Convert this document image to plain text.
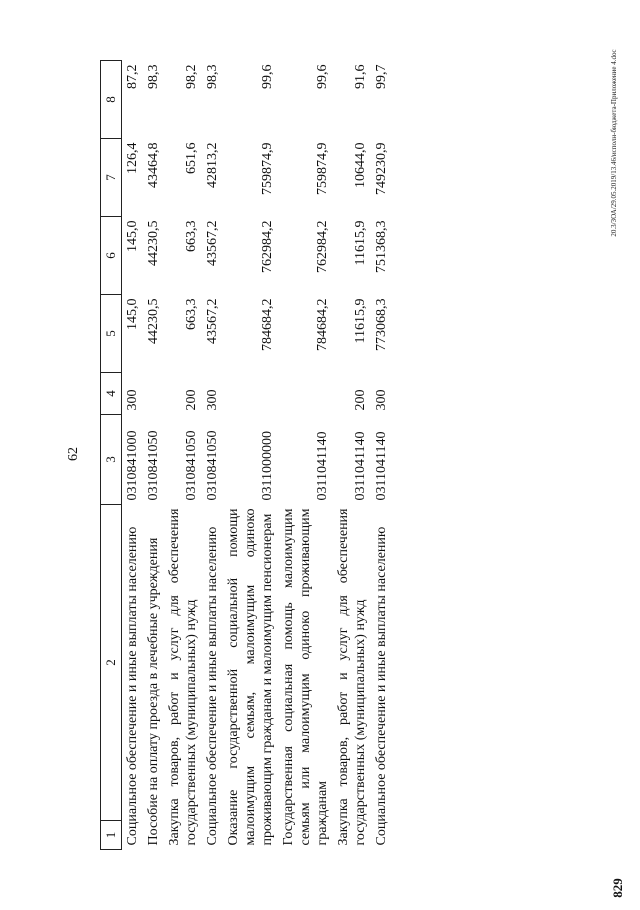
62
829
20.3/ЗОА/29.05.2019/13.46/исполн-бюджета-Приложение 4.doc
1	2	3	4	5	6	7	8
Социальное обеспечение и иные выплаты населению		0310841000	300	145,0	145,0	126,4	87,2
Пособие на оплату проезда в лечебные учреждения		0310841050		44230,5	44230,5	43464,8	98,3
Закупка товаров, работ и услуг для обеспечения государственных (муниципальных) нужд		0310841050	200	663,3	663,3	651,6	98,2
Социальное обеспечение и иные выплаты населению		0310841050	300	43567,2	43567,2	42813,2	98,3
Оказание государственной социальной помощи малоимущим семьям, малоимущим одиноко проживающим гражданам и малоимущим пенсионерам		0311000000		784684,2	762984,2	759874,9	99,6
Государственная социальная помощь малоимущим семьям или малоимущим одиноко проживающим гражданам		0311041140		784684,2	762984,2	759874,9	99,6
Закупка товаров, работ и услуг для обеспечения государственных (муниципальных) нужд		0311041140	200	11615,9	11615,9	10644,0	91,6
Социальное обеспечение и иные выплаты населению		0311041140	300	773068,3	751368,3	749230,9	99,7
